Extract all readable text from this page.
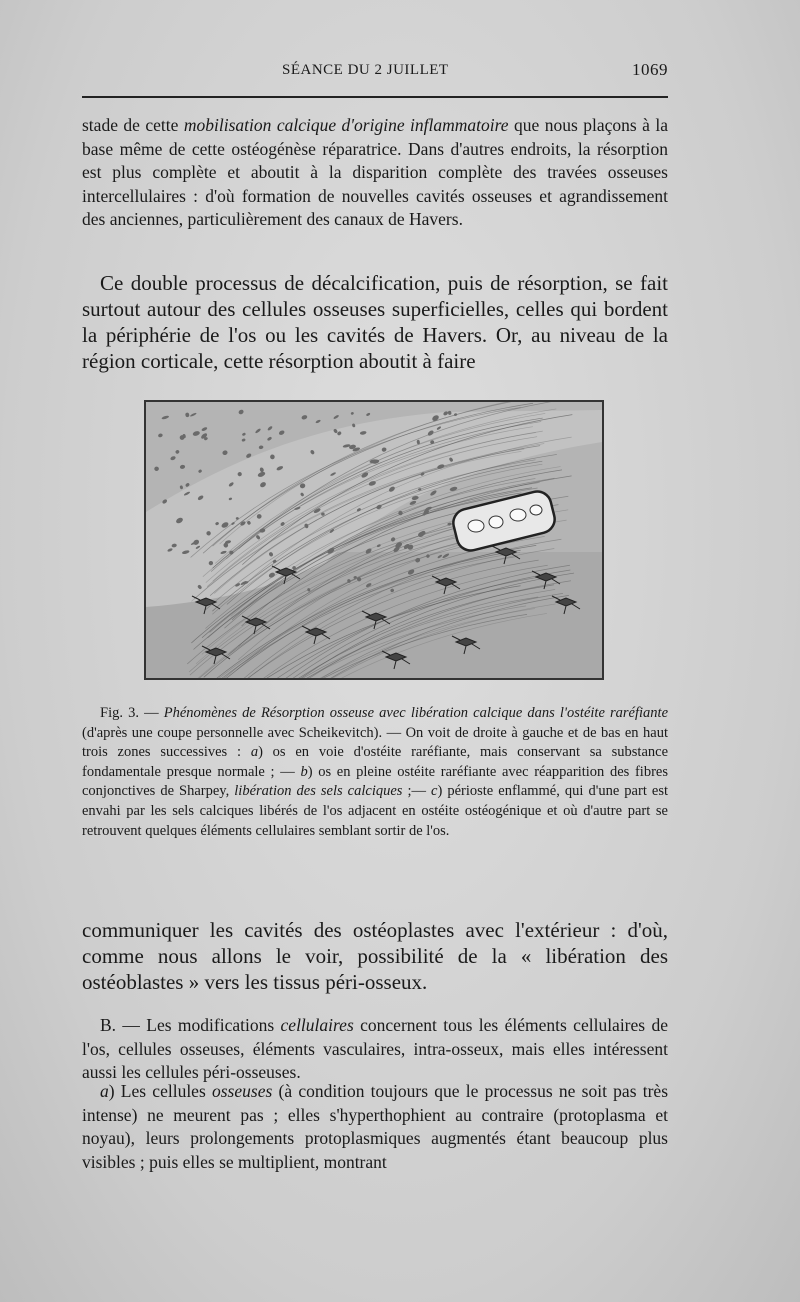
SÉANCE DU 2 JUILLET	1069

stade de cette mobilisation calcique d'origine inflammatoire que nous plaçons à la base même de cette ostéogénèse réparatrice. Dans d'autres endroits, la résorption est plus complète et aboutit à la disparition complète des travées osseuses intercellulaires : d'où formation de nouvelles cavités osseuses et agrandissement des anciennes, particulièrement des canaux de Havers.

Ce double processus de décalcification, puis de résorption, se fait surtout autour des cellules osseuses superficielles, celles qui bordent la périphérie de l'os ou les cavités de Havers. Or, au niveau de la région corticale, cette résorption aboutit à faire

Fig. 3. — Phénomènes de Résorption osseuse avec libération calcique dans l'ostéite raréfiante (d'après une coupe personnelle avec Scheikevitch). — On voit de droite à gauche et de bas en haut trois zones successives : a) os en voie d'ostéite raréfiante, mais conservant sa substance fondamentale presque normale ; — b) os en pleine ostéite raréfiante avec réapparition des fibres conjonctives de Sharpey, libération des sels calciques ;— c) périoste enflammé, qui d'une part est envahi par les sels calciques libérés de l'os adjacent en ostéite ostéogénique et où d'autre part se retrouvent quelques éléments cellulaires semblant sortir de l'os.

communiquer les cavités des ostéoplastes avec l'extérieur : d'où, comme nous allons le voir, possibilité de la « libération des ostéoblastes » vers les tissus péri-osseux.

B. — Les modifications cellulaires concernent tous les éléments cellulaires de l'os, cellules osseuses, éléments vasculaires, intra-osseux, mais elles intéressent aussi les cellules péri-osseuses.

a) Les cellules osseuses (à condition toujours que le processus ne soit pas très intense) ne meurent pas ; elles s'hyperthophient au contraire (protoplasma et noyau), leurs prolongements protoplasmiques augmentés étant beaucoup plus visibles ; puis elles se multiplient, montrant
